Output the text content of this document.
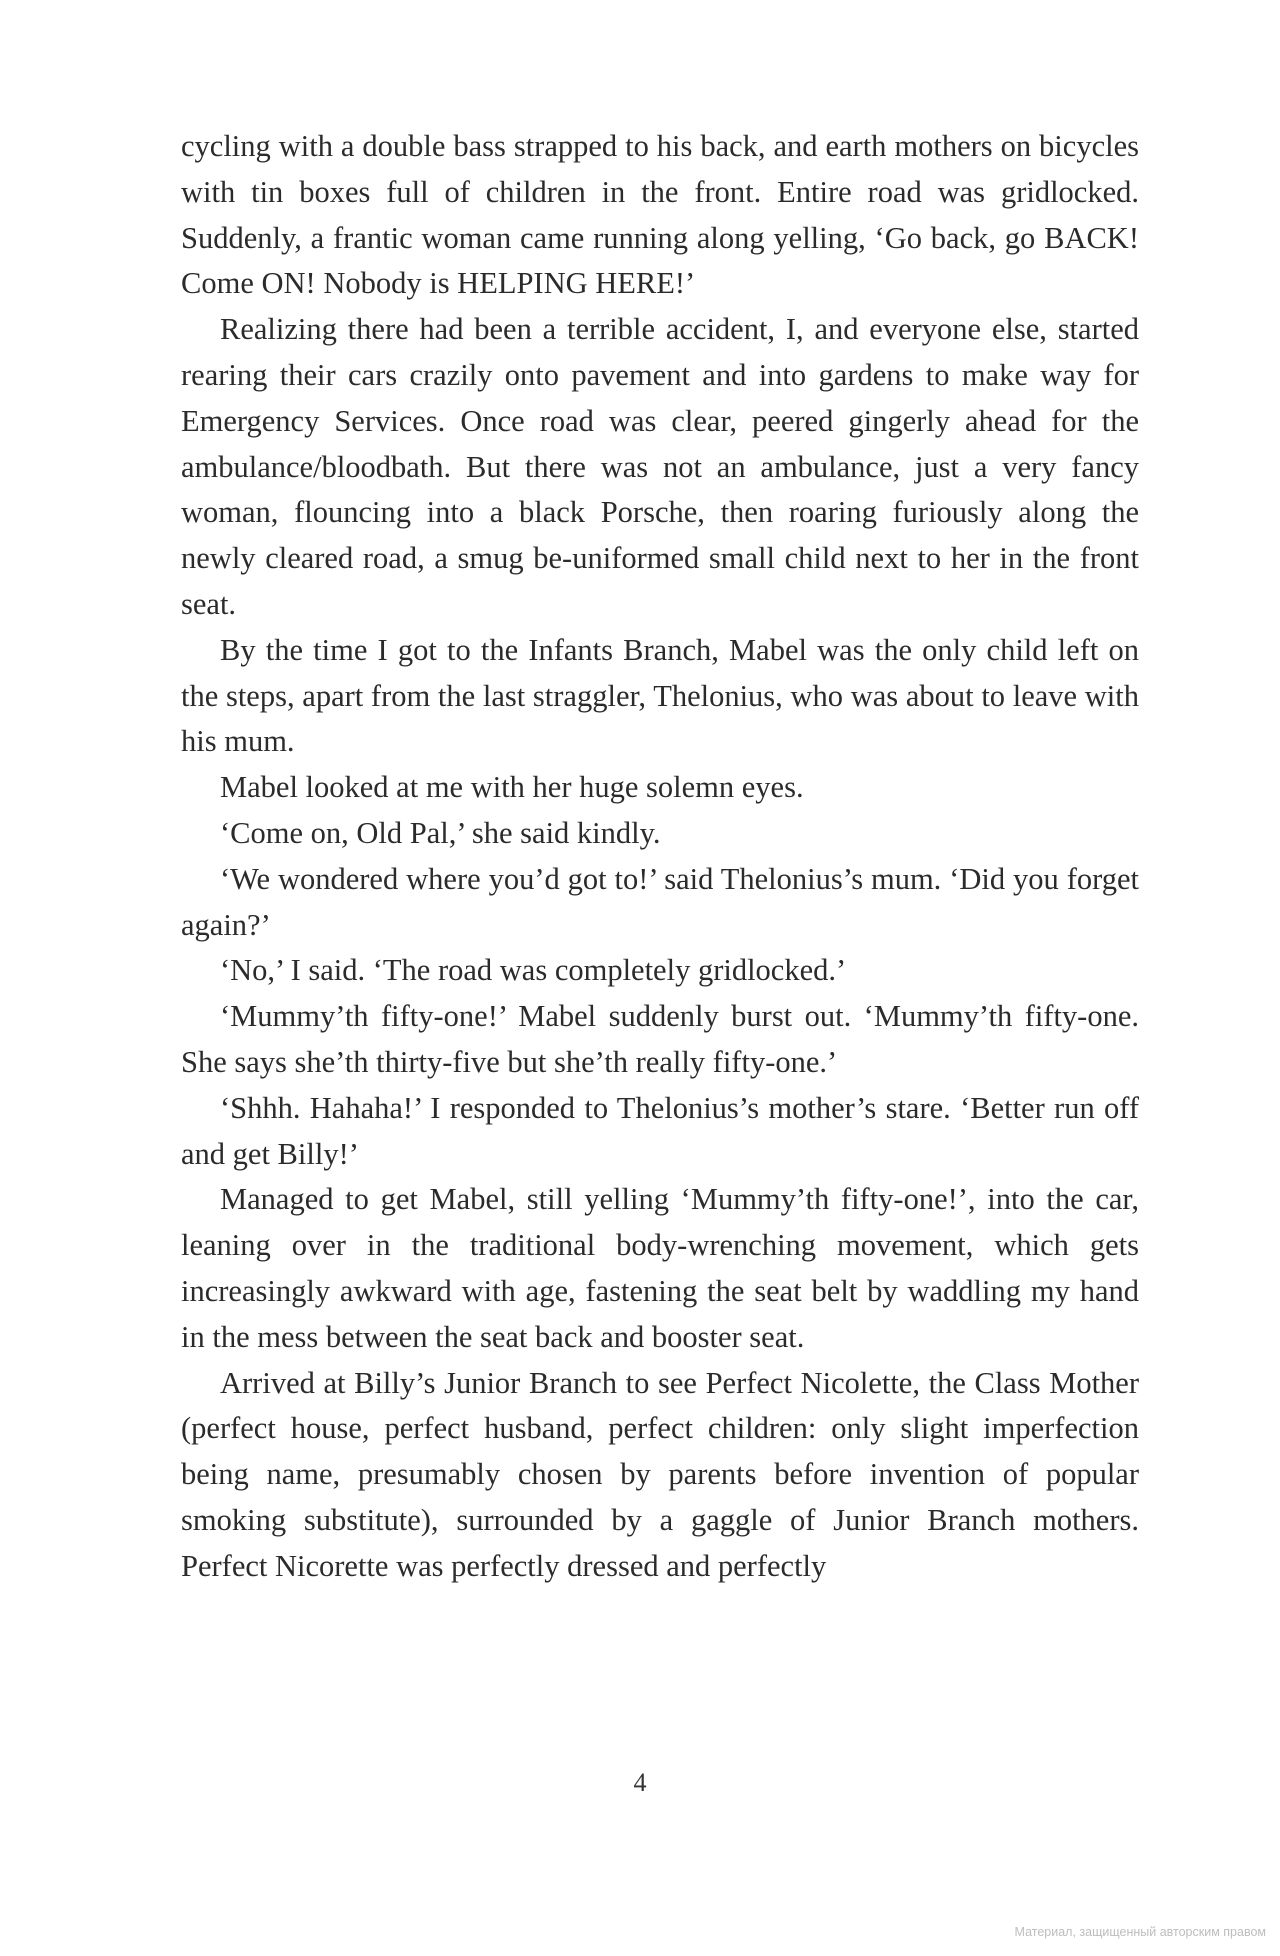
cycling with a double bass strapped to his back, and earth mothers on bicycles with tin boxes full of children in the front. Entire road was gridlocked. Suddenly, a frantic woman came running along yelling, ‘Go back, go BACK! Come ON! Nobody is HELPING HERE!’

Realizing there had been a terrible accident, I, and everyone else, started rearing their cars crazily onto pavement and into gardens to make way for Emergency Services. Once road was clear, peered gingerly ahead for the ambulance/bloodbath. But there was not an ambulance, just a very fancy woman, flouncing into a black Porsche, then roaring furiously along the newly cleared road, a smug be-uniformed small child next to her in the front seat.

By the time I got to the Infants Branch, Mabel was the only child left on the steps, apart from the last straggler, Thelonius, who was about to leave with his mum.

Mabel looked at me with her huge solemn eyes.

‘Come on, Old Pal,’ she said kindly.

‘We wondered where you’d got to!’ said Thelonius’s mum. ‘Did you forget again?’

‘No,’ I said. ‘The road was completely gridlocked.’

‘Mummy’th fifty-one!’ Mabel suddenly burst out. ‘Mummy’th fifty-one. She says she’th thirty-five but she’th really fifty-one.’

‘Shhh. Hahaha!’ I responded to Thelonius’s mother’s stare. ‘Better run off and get Billy!’

Managed to get Mabel, still yelling ‘Mummy’th fifty-one!’, into the car, leaning over in the traditional body-wrenching movement, which gets increasingly awkward with age, fastening the seat belt by waddling my hand in the mess between the seat back and booster seat.

Arrived at Billy’s Junior Branch to see Perfect Nicolette, the Class Mother (perfect house, perfect husband, perfect children: only slight imperfection being name, presumably chosen by parents before invention of popular smoking substitute), surrounded by a gaggle of Junior Branch mothers. Perfect Nicorette was perfectly dressed and perfectly

4
Материал, защищенный авторским правом
